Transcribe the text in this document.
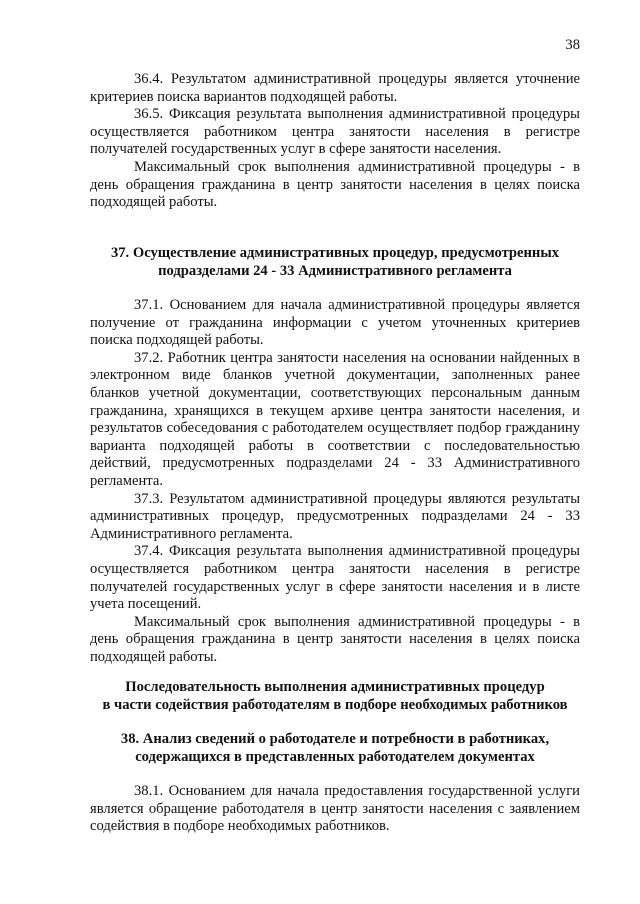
38

36.4. Результатом административной процедуры является уточнение критериев поиска вариантов подходящей работы.

36.5. Фиксация результата выполнения административной процедуры осуществляется работником центра занятости населения в регистре получателей государственных услуг в сфере занятости населения.

Максимальный срок выполнения административной процедуры - в день обращения гражданина в центр занятости населения в целях поиска подходящей работы.

37. Осуществление административных процедур, предусмотренных
подразделами 24 - 33 Административного регламента

37.1. Основанием для начала административной процедуры является получение от гражданина информации с учетом уточненных критериев поиска подходящей работы.

37.2. Работник центра занятости населения на основании найденных в электронном виде бланков учетной документации, заполненных ранее бланков учетной документации, соответствующих персональным данным гражданина, хранящихся в текущем архиве центра занятости населения, и результатов собеседования с работодателем осуществляет подбор гражданину варианта подходящей работы в соответствии с последовательностью действий, предусмотренных подразделами 24 - 33 Административного регламента.

37.3. Результатом административной процедуры являются результаты административных процедур, предусмотренных подразделами 24 - 33 Административного регламента.

37.4. Фиксация результата выполнения административной процедуры осуществляется работником центра занятости населения в регистре получателей государственных услуг в сфере занятости населения и в листе учета посещений.

Максимальный срок выполнения административной процедуры - в день обращения гражданина в центр занятости населения в целях поиска подходящей работы.

Последовательность выполнения административных процедур
в части содействия работодателям в подборе необходимых работников
38. Анализ сведений о работодателе и потребности в работниках,
содержащихся в представленных работодателем документах

38.1. Основанием для начала предоставления государственной услуги является обращение работодателя в центр занятости населения с заявлением содействия в подборе необходимых работников.
